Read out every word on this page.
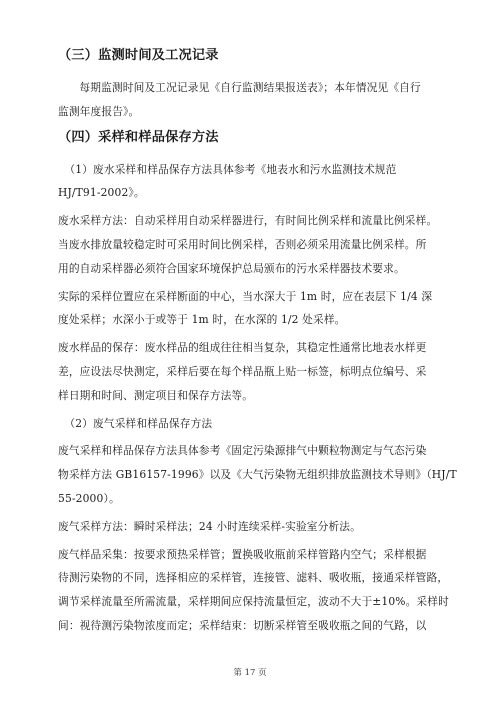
（三）监测时间及工况记录
每期监测时间及工况记录见《自行监测结果报送表》；本年情况见《自行
监测年度报告》。
（四）采样和样品保存方法
（1）废水采样和样品保存方法具体参考《地表水和污水监测技术规范
HJ/T91-2002》。
废水采样方法：自动采样用自动采样器进行，有时间比例采样和流量比例采样。
当废水排放量较稳定时可采用时间比例采样，否则必须采用流量比例采样。所
用的自动采样器必须符合国家环境保护总局颁布的污水采样器技术要求。
实际的采样位置应在采样断面的中心，当水深大于 1m 时，应在表层下 1/4 深
度处采样；水深小于或等于 1m 时，在水深的 1/2 处采样。
废水样品的保存：废水样品的组成往往相当复杂，其稳定性通常比地表水样更
差，应设法尽快测定，采样后要在每个样品瓶上贴一标签，标明点位编号、采
样日期和时间、测定项目和保存方法等。
（2）废气采样和样品保存方法
废气采样和样品保存方法具体参考《固定污染源排气中颗粒物测定与气态污染
物采样方法 GB16157-1996》以及《大气污染物无组织排放监测技术导则》（HJ/T
55-2000）。
废气采样方法：瞬时采样法；24 小时连续采样-实验室分析法。
废气样品采集：按要求预热采样管；置换吸收瓶前采样管路内空气；采样根据
待测污染物的不同，选择相应的采样管，连接管、滤料、吸收瓶，接通采样管路，
调节采样流量至所需流量，采样期间应保持流量恒定，波动不大于±10%。采样时
间：视待测污染物浓度而定；采样结束：切断采样管至吸收瓶之间的气路，以
第 17 页
